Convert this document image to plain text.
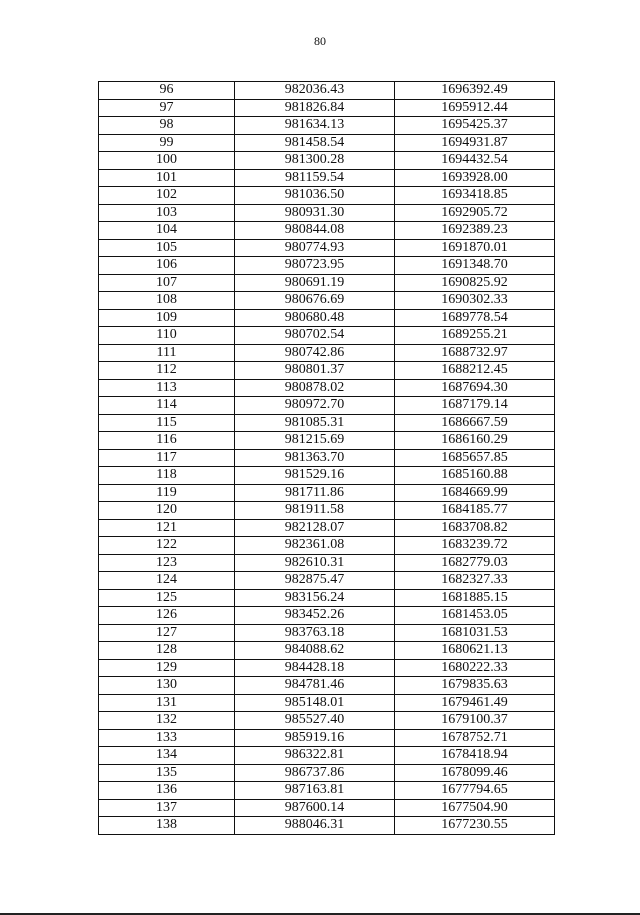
80
96	982036.43	1696392.49
97	981826.84	1695912.44
98	981634.13	1695425.37
99	981458.54	1694931.87
100	981300.28	1694432.54
101	981159.54	1693928.00
102	981036.50	1693418.85
103	980931.30	1692905.72
104	980844.08	1692389.23
105	980774.93	1691870.01
106	980723.95	1691348.70
107	980691.19	1690825.92
108	980676.69	1690302.33
109	980680.48	1689778.54
110	980702.54	1689255.21
111	980742.86	1688732.97
112	980801.37	1688212.45
113	980878.02	1687694.30
114	980972.70	1687179.14
115	981085.31	1686667.59
116	981215.69	1686160.29
117	981363.70	1685657.85
118	981529.16	1685160.88
119	981711.86	1684669.99
120	981911.58	1684185.77
121	982128.07	1683708.82
122	982361.08	1683239.72
123	982610.31	1682779.03
124	982875.47	1682327.33
125	983156.24	1681885.15
126	983452.26	1681453.05
127	983763.18	1681031.53
128	984088.62	1680621.13
129	984428.18	1680222.33
130	984781.46	1679835.63
131	985148.01	1679461.49
132	985527.40	1679100.37
133	985919.16	1678752.71
134	986322.81	1678418.94
135	986737.86	1678099.46
136	987163.81	1677794.65
137	987600.14	1677504.90
138	988046.31	1677230.55
